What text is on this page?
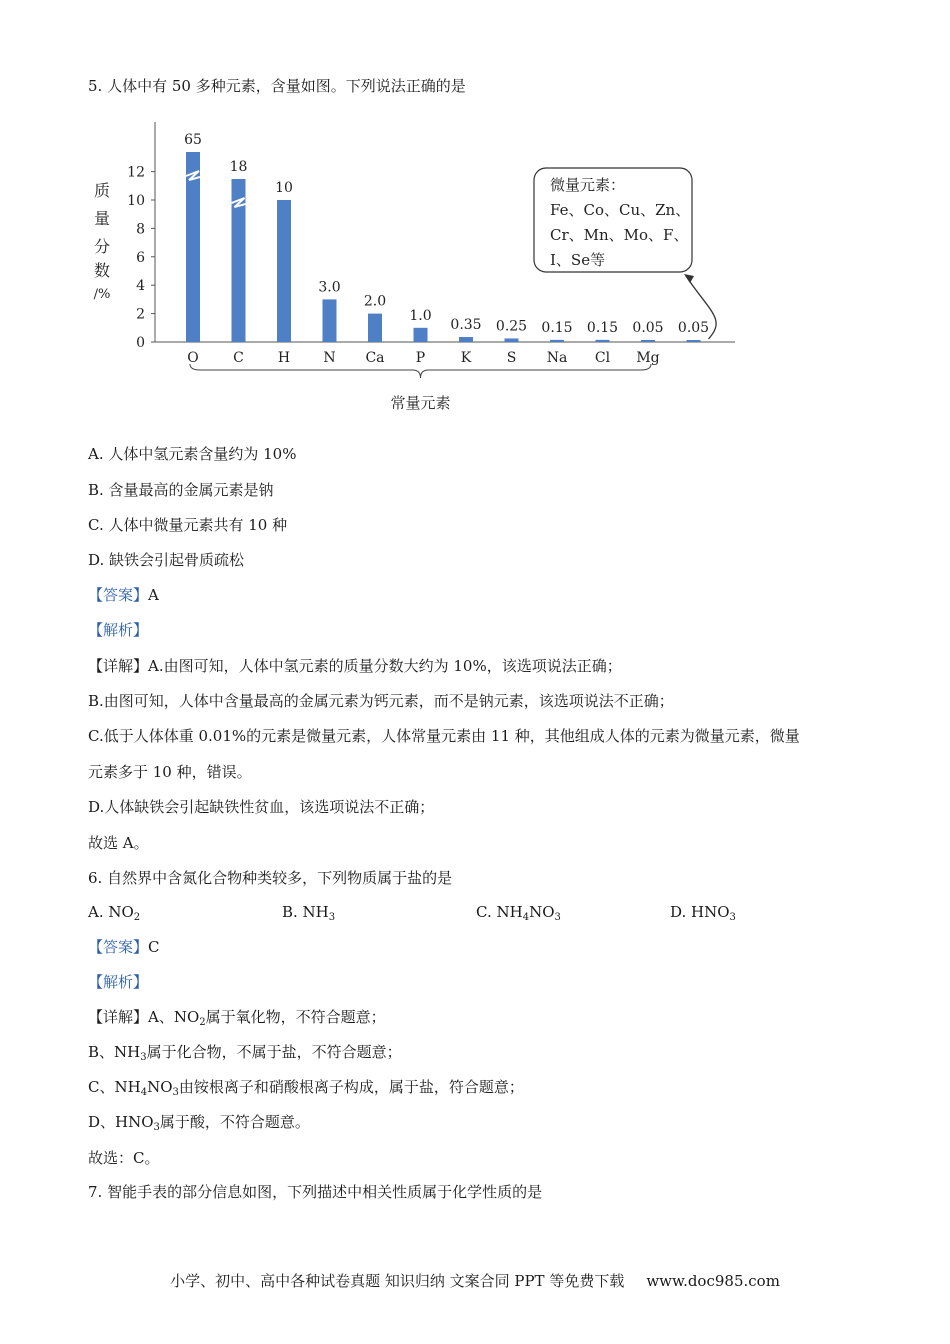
5. 人体中有 50 多种元素，含量如图。下列说法正确的是
0
2
4
6
8
10
12
质
量
分
数
/%
65
O
18
C
10
H
3.0
N
2.0
Ca
1.0
P
0.35
K
0.25
S
0.15
Na
0.15
Cl
0.05
Mg
0.05
常量元素
微量元素：
Fe、Co、Cu、Zn、
Cr、Mn、Mo、F、
I、Se等
A. 人体中氢元素含量约为 10%
B. 含量最高的金属元素是钠
C. 人体中微量元素共有 10 种
D. 缺铁会引起骨质疏松
【答案】A
【解析】
【详解】A.由图可知，人体中氢元素的质量分数大约为 10%，该选项说法正确；
B.由图可知，人体中含量最高的金属元素为钙元素，而不是钠元素，该选项说法不正确；
C.低于人体体重 0.01%的元素是微量元素，人体常量元素由 11 种，其他组成人体的元素为微量元素，微量
元素多于 10 种，错误。
D.人体缺铁会引起缺铁性贫血，该选项说法不正确；
故选 A。
6. 自然界中含氮化合物种类较多，下列物质属于盐的是
A. $NO_2$	B. $NH_3$	C. $NH_4NO_3$	D. $HNO_3$
【答案】C
【解析】
【详解】A、$NO_2$属于氧化物，不符合题意；
B、$NH_3$属于化合物，不属于盐，不符合题意；
C、$NH_4NO_3$由铵根离子和硝酸根离子构成，属于盐，符合题意；
D、$HNO_3$属于酸，不符合题意。
故选：C。
7. 智能手表的部分信息如图，下列描述中相关性质属于化学性质的是
小学、初中、高中各种试卷真题 知识归纳 文案合同 PPT 等免费下载 www.doc985.com
